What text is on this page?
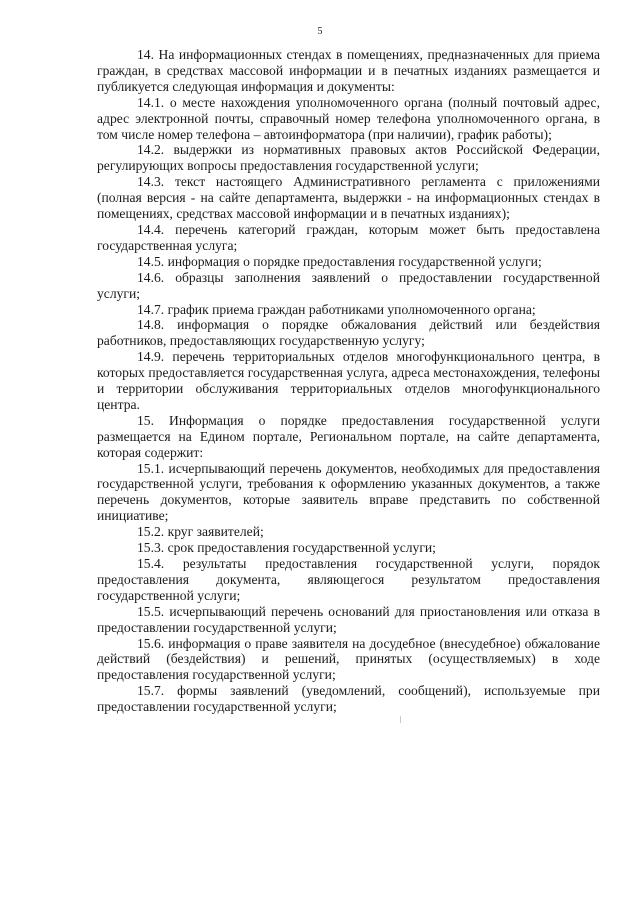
5

14. На информационных стендах в помещениях, предназначенных для приема граждан, в средствах массовой информации и в печатных изданиях размещается и публикуется следующая информация и документы:

14.1. о месте нахождения уполномоченного органа (полный почтовый адрес, адрес электронной почты, справочный номер телефона уполномоченного органа, в том числе номер телефона – автоинформатора (при наличии), график работы);

14.2. выдержки из нормативных правовых актов Российской Федерации, регулирующих вопросы предоставления государственной услуги;

14.3. текст настоящего Административного регламента с приложениями (полная версия - на сайте департамента, выдержки - на информационных стендах в помещениях, средствах массовой информации и в печатных изданиях);

14.4. перечень категорий граждан, которым может быть предоставлена государственная услуга;

14.5. информация о порядке предоставления государственной услуги;

14.6. образцы заполнения заявлений о предоставлении государственной услуги;

14.7. график приема граждан работниками уполномоченного органа;

14.8. информация о порядке обжалования действий или бездействия работников, предоставляющих государственную услугу;

14.9. перечень территориальных отделов многофункционального центра, в которых предоставляется государственная услуга, адреса местонахождения, телефоны и территории обслуживания территориальных отделов многофункционального центра.

15. Информация о порядке предоставления государственной услуги размещается на Едином портале, Региональном портале, на сайте департамента, которая содержит:

15.1. исчерпывающий перечень документов, необходимых для предоставления государственной услуги, требования к оформлению указанных документов, а также перечень документов, которые заявитель вправе представить по собственной инициативе;

15.2. круг заявителей;

15.3. срок предоставления государственной услуги;

15.4. результаты предоставления государственной услуги, порядок предоставления документа, являющегося результатом предоставления государственной услуги;

15.5. исчерпывающий перечень оснований для приостановления или отказа в предоставлении государственной услуги;

15.6. информация о праве заявителя на досудебное (внесудебное) обжалование действий (бездействия) и решений, принятых (осуществляемых) в ходе предоставления государственной услуги;

15.7. формы заявлений (уведомлений, сообщений), используемые при предоставлении государственной услуги;
